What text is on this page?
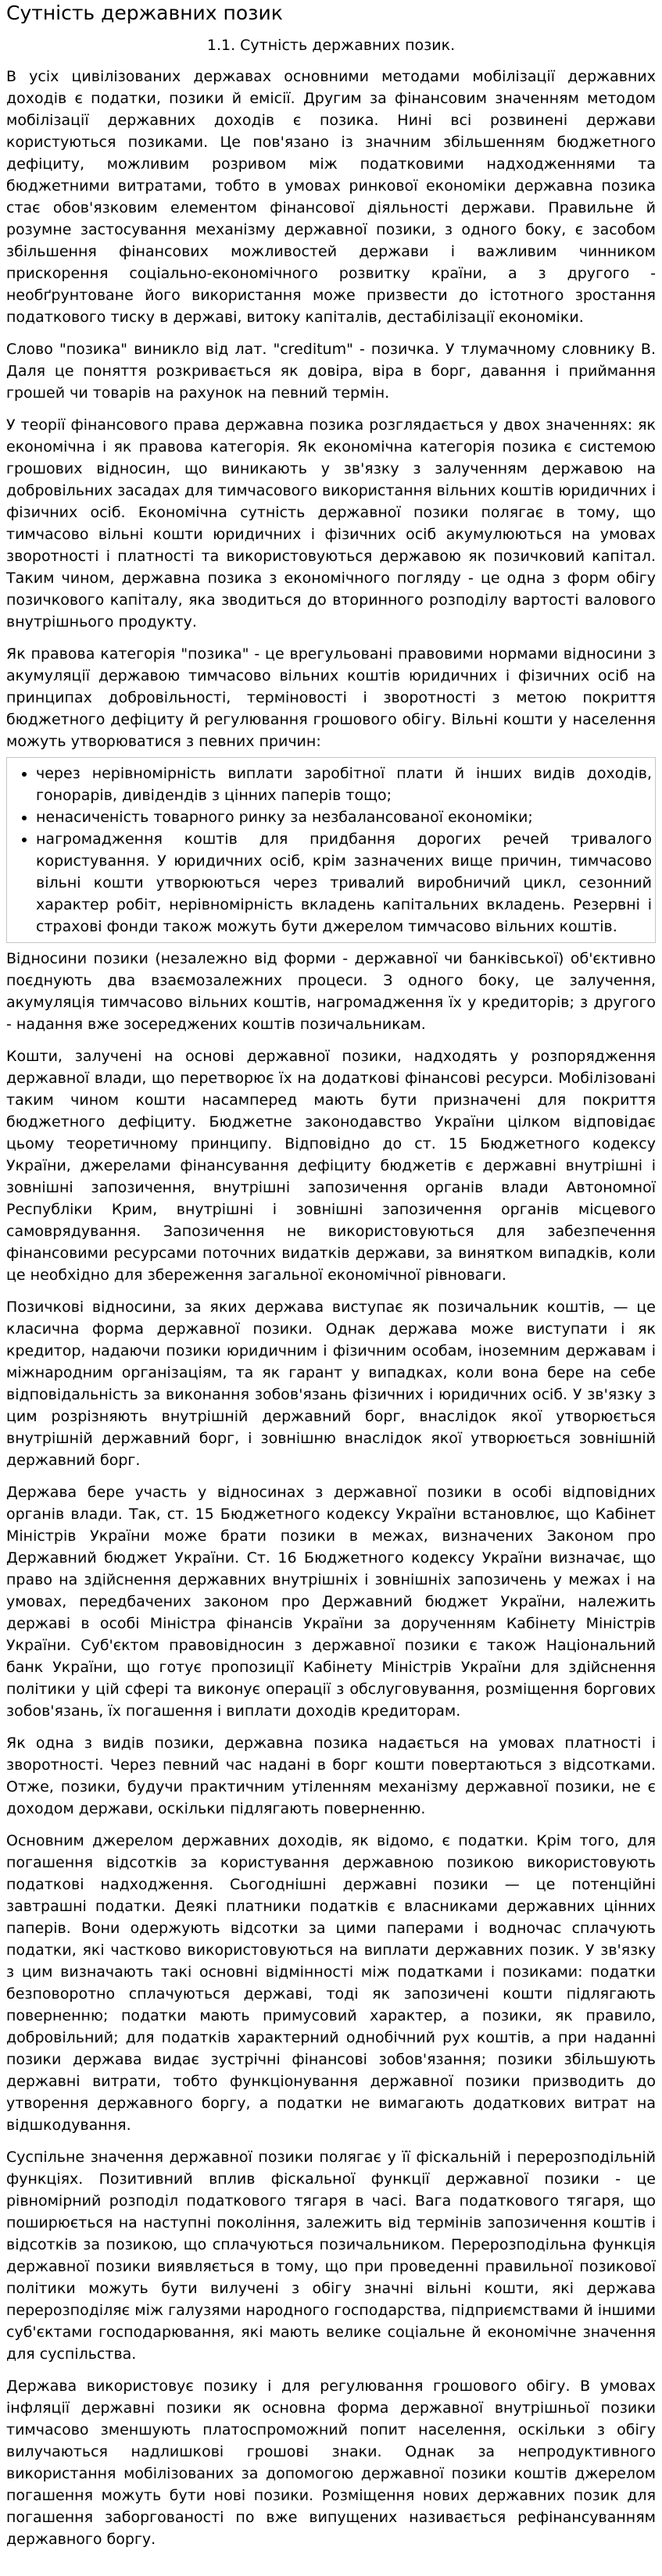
Сутність державних позик
1.1. Сутність державних позик.

В усіх цивілізованих державах основними методами мобілізації державних доходів є податки, позики й емісії. Другим за фінансовим значенням методом мобілізації державних доходів є позика. Нині всі розвинені держави користуються позиками. Це пов'язано із значним збільшенням бюджетного дефіциту, можливим розривом між податковими надходженнями та бюджетними витратами, тобто в умовах ринкової економіки державна позика стає обов'язковим елементом фінансової діяльності держави. Правильне й розумне застосування механізму державної позики, з одного боку, є засобом збільшення фінансових можливостей держави і важливим чинником прискорення соціально-економічного розвитку країни, а з другого - необґрунтоване його використання може призвести до істотного зростання податкового тиску в державі, витоку капіталів, дестабілізації економіки.

Слово "позика" виникло від лат. "creditum" - позичка. У тлумачному словнику В. Даля це поняття розкривається як довіра, віра в борг, давання і приймання грошей чи товарів на рахунок на певний термін.

У теорії фінансового права державна позика розглядається у двох значеннях: як економічна і як правова категорія. Як економічна категорія позика є системою грошових відносин, що виникають у зв'язку з залученням державою на добровільних засадах для тимчасового використання вільних коштів юридичних і фізичних осіб. Економічна сутність державної позики полягає в тому, що тимчасово вільні кошти юридичних і фізичних осіб акумулюються на умовах зворотності і платності та використовуються державою як позичковий капітал. Таким чином, державна позика з економічного погляду - це одна з форм обігу позичкового капіталу, яка зводиться до вторинного розподілу вартості валового внутрішнього продукту.

Як правова категорія "позика" - це врегульовані правовими нормами відносини з акумуляції державою тимчасово вільних коштів юридичних і фізичних осіб на принципах добровільності, терміновості і зворотності з метою покриття бюджетного дефіциту й регулювання грошового обігу. Вільні кошти у населення можуть утворюватися з певних причин:

• через нерівномірність виплати заробітної плати й інших видів доходів, гонорарів, дивідендів з цінних паперів тощо;
• ненасиченість товарного ринку за незбалансованої економіки;
• нагромадження коштів для придбання дорогих речей тривалого користування. У юридичних осіб, крім зазначених вище причин, тимчасово вільні кошти утворюються через тривалий виробничий цикл, сезонний характер робіт, нерівномірність вкладень капітальних вкладень. Резервні і страхові фонди також можуть бути джерелом тимчасово вільних коштів.

Відносини позики (незалежно від форми - державної чи банківської) об'єктивно поєднують два взаємозалежних процеси. З одного боку, це залучення, акумуляція тимчасово вільних коштів, нагромадження їх у кредиторів; з другого - надання вже зосереджених коштів позичальникам.

Кошти, залучені на основі державної позики, надходять у розпорядження державної влади, що перетворює їх на додаткові фінансові ресурси. Мобілізовані таким чином кошти насамперед мають бути призначені для покриття бюджетного дефіциту. Бюджетне законодавство України цілком відповідає цьому теоретичному принципу. Відповідно до ст. 15 Бюджетного кодексу України, джерелами фінансування дефіциту бюджетів є державні внутрішні і зовнішні запозичення, внутрішні запозичення органів влади Автономної Республіки Крим, внутрішні і зовнішні запозичення органів місцевого самоврядування. Запозичення не використовуються для забезпечення фінансовими ресурсами поточних видатків держави, за винятком випадків, коли це необхідно для збереження загальної економічної рівноваги.

Позичкові відносини, за яких держава виступає як позичальник коштів, — це класична форма державної позики. Однак держава може виступати і як кредитор, надаючи позики юридичним і фізичним особам, іноземним державам і міжнародним організаціям, та як гарант у випадках, коли вона бере на себе відповідальність за виконання зобов'язань фізичних і юридичних осіб. У зв'язку з цим розрізняють внутрішній державний борг, внаслідок якої утворюється внутрішній державний борг, і зовнішню внаслідок якої утворюється зовнішній державний борг.

Держава бере участь у відносинах з державної позики в особі відповідних органів влади. Так, ст. 15 Бюджетного кодексу України встановлює, що Кабінет Міністрів України може брати позики в межах, визначених Законом про Державний бюджет України. Ст. 16 Бюджетного кодексу України визначає, що право на здійснення державних внутрішніх і зовнішніх запозичень у межах і на умовах, передбачених законом про Державний бюджет України, належить державі в особі Міністра фінансів України за дорученням Кабінету Міністрів України. Суб'єктом правовідносин з державної позики є також Національний банк України, що готує пропозиції Кабінету Міністрів України для здійснення політики у цій сфері та виконує операції з обслуговування, розміщення боргових зобов'язань, їх погашення і виплати доходів кредиторам.

Як одна з видів позики, державна позика надається на умовах платності і зворотності. Через певний час надані в борг кошти повертаються з відсотками. Отже, позики, будучи практичним утіленням механізму державної позики, не є доходом держави, оскільки підлягають поверненню.

Основним джерелом державних доходів, як відомо, є податки. Крім того, для погашення відсотків за користування державною позикою використовують податкові надходження. Сьогоднішні державні позики — це потенційні завтрашні податки. Деякі платники податків є власниками державних цінних паперів. Вони одержують відсотки за цими паперами і водночас сплачують податки, які частково використовуються на виплати державних позик. У зв'язку з цим визначають такі основні відмінності між податками і позиками: податки безповоротно сплачуються державі, тоді як запозичені кошти підлягають поверненню; податки мають примусовий характер, а позики, як правило, добровільний; для податків характерний однобічний рух коштів, а при наданні позики держава видає зустрічні фінансові зобов'язання; позики збільшують державні витрати, тобто функціонування державної позики призводить до утворення державного боргу, а податки не вимагають додаткових витрат на відшкодування.

Суспільне значення державної позики полягає у її фіскальній і перерозподільній функціях. Позитивний вплив фіскальної функції державної позики - це рівномірний розподіл податкового тягаря в часі. Вага податкового тягаря, що поширюється на наступні покоління, залежить від термінів запозичення коштів і відсотків за позикою, що сплачуються позичальником. Перерозподільна функція державної позики виявляється в тому, що при проведенні правильної позикової політики можуть бути вилучені з обігу значні вільні кошти, які держава перерозподіляє між галузями народного господарства, підприємствами й іншими суб'єктами господарювання, які мають велике соціальне й економічне значення для суспільства.

Держава використовує позику і для регулювання грошового обігу. В умовах інфляції державні позики як основна форма державної внутрішньої позики тимчасово зменшують платоспроможний попит населення, оскільки з обігу вилучаються надлишкові грошові знаки. Однак за непродуктивного використання мобілізованих за допомогою державної позики коштів джерелом погашення можуть бути нові позики. Розміщення нових державних позик для погашення заборгованості по вже випущених називається рефінансуванням державного боргу.
